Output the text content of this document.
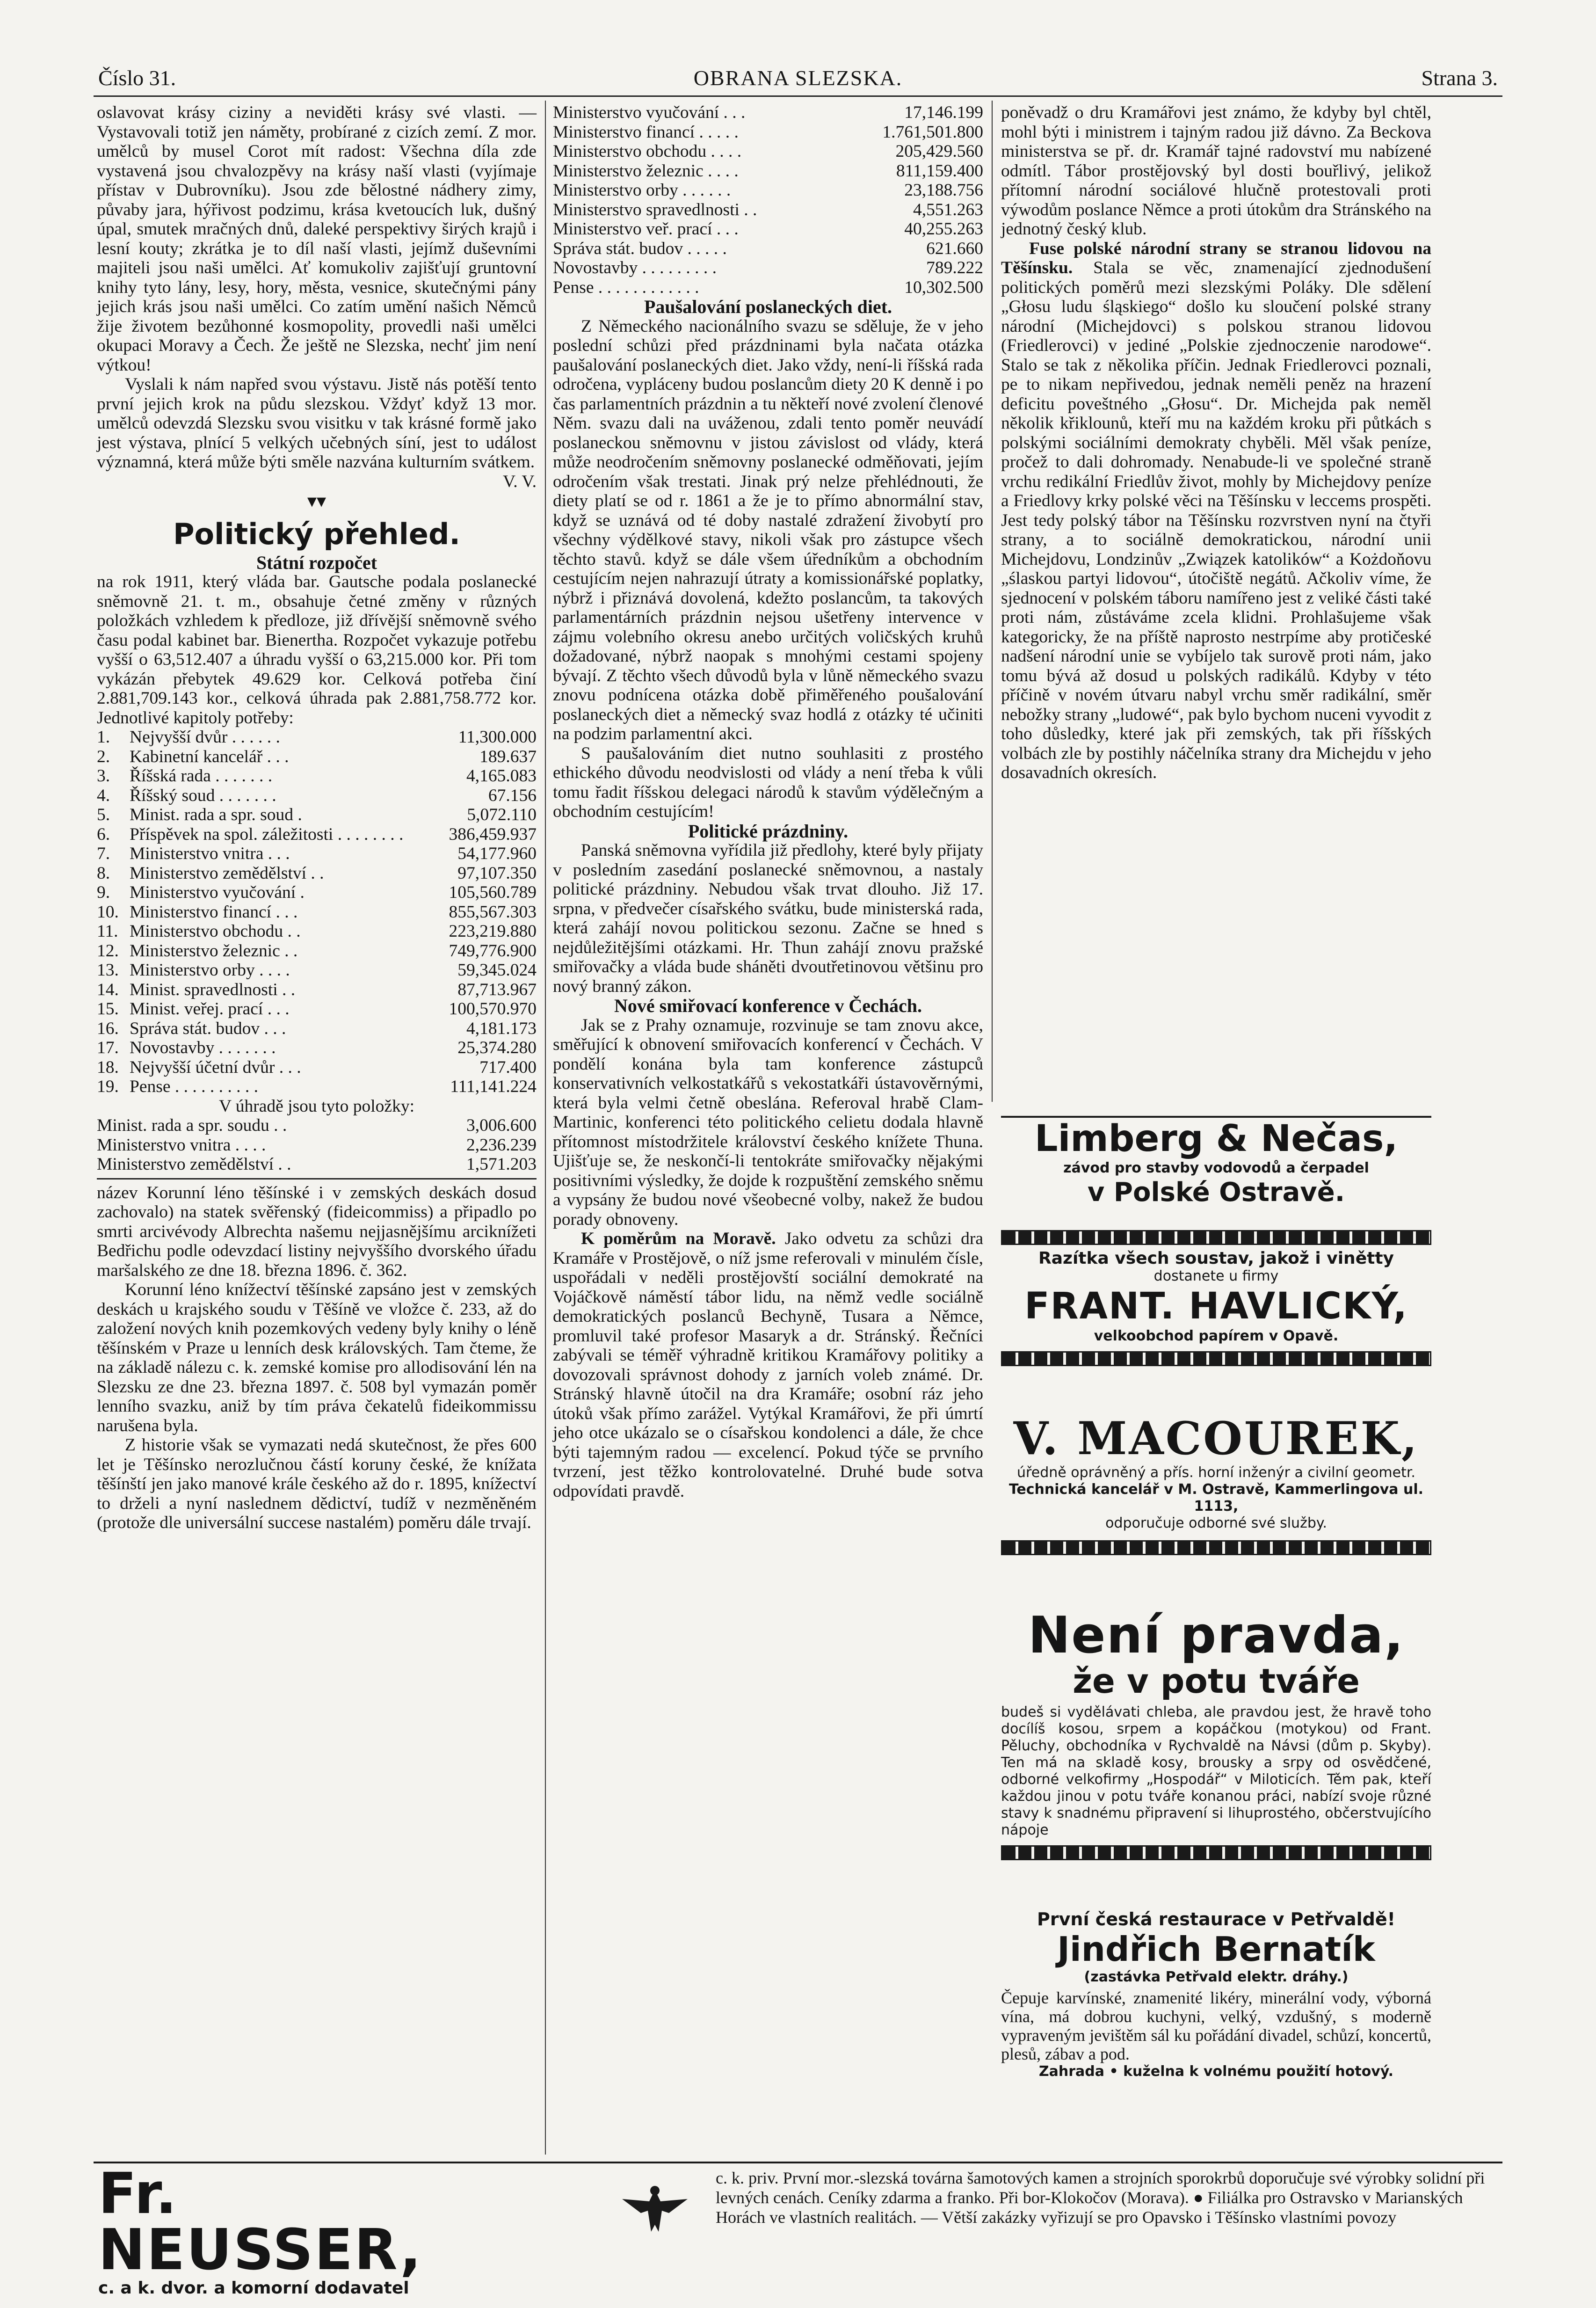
Číslo 31.	OBRANA SLEZSKA.	Strana 3.

oslavovat krásy ciziny a neviděti krásy své vlasti. — Vystavovali totiž jen náměty, probírané z cizích zemí. Z mor. umělců by musel Corot mít radost: Všechna díla zde vystavená jsou chvalozpěvy na krásy naší vlasti (vyjímaje přístav v Dubrovníku). Jsou zde bělostné nádhery zimy, půvaby jara, hýřivost podzimu, krása kvetoucích luk, dušný úpal, smutek mračných dnů, daleké perspektivy širých krajů i lesní kouty; zkrátka je to díl naší vlasti, jejímž duševními majiteli jsou naši umělci. Ať komukoliv zajišťují gruntovní knihy tyto lány, lesy, hory, města, vesnice, skutečnými pány jejich krás jsou naši umělci. Co zatím umění našich Němců žije životem bezůhonné kosmopolity, provedli naši umělci okupaci Moravy a Čech. Že ještě ne Slezska, nechť jim není výtkou!

Vyslali k nám napřed svou výstavu. Jistě nás potěší tento první jejich krok na půdu slezskou. Vždyť když 13 mor. umělců odevzdá Slezsku svou visitku v tak krásné formě jako jest výstava, plnící 5 velkých učebných síní, jest to událost významná, která může býti směle nazvána kulturním svátkem.

V. V.
▾▾
Politický přehled.
Státní rozpočet

na rok 1911, který vláda bar. Gautsche podala poslanecké sněmovně 21. t. m., obsahuje četné změny v různých položkách vzhledem k předloze, již dřívější sněmovně svého času podal kabinet bar. Bienertha. Rozpočet vykazuje potřebu vyšší o 63,512.407 a úhradu vyšší o 63,215.000 kor. Při tom vykázán přebytek 49.629 kor. Celková potřeba činí 2.881,709.143 kor., celková úhrada pak 2.881,758.772 kor. Jednotlivé kapitoly potřeby:

1.	Nejvyšší dvůr . . . . . .	11,300.000
2.	Kabinetní kancelář . . .	189.637
3.	Říšská rada . . . . . . .	4,165.083
4.	Říšský soud . . . . . . .	67.156
5.	Minist. rada a spr. soud .	5,072.110
6.	Příspěvek na spol. záležitosti . . . . . . . .	386,459.937
7.	Ministerstvo vnitra . . .	54,177.960
8.	Ministerstvo zemědělství . .	97,107.350
9.	Ministerstvo vyučování .	105,560.789
10.	Ministerstvo financí . . .	855,567.303
11.	Ministerstvo obchodu . .	223,219.880
12.	Ministerstvo železnic . .	749,776.900
13.	Ministerstvo orby . . . .	59,345.024
14.	Minist. spravedlnosti . .	87,713.967
15.	Minist. veřej. prací . . .	100,570.970
16.	Správa stát. budov . . .	4,181.173
17.	Novostavby . . . . . . .	25,374.280
18.	Nejvyšší účetní dvůr . . .	717.400
19.	Pense . . . . . . . . . .	111,141.224
V úhradě jsou tyto položky:
Minist. rada a spr. soudu . .	3,006.600
Ministerstvo vnitra . . . .	2,236.239
Ministerstvo zemědělství . .	1,571.203

název Korunní léno těšínské i v zemských deskách dosud zachovalo) na statek svěřenský (fideicommiss) a připadlo po smrti arcivévody Albrechta našemu nejjasnějšímu arciknížeti Bedřichu podle odevzdací listiny nejvyššího dvorského úřadu maršalského ze dne 18. března 1896. č. 362.

Korunní léno knížectví těšínské zapsáno jest v zemských deskách u krajského soudu v Těšíně ve vložce č. 233, až do založení nových knih pozemkových vedeny byly knihy o léně těšínském v Praze u lenních desk královských. Tam čteme, že na základě nálezu c. k. zemské komise pro allodisování lén na Slezsku ze dne 23. března 1897. č. 508 byl vymazán poměr lenního svazku, aniž by tím práva čekatelů fideikommissu narušena byla.

Z historie však se vymazati nedá skutečnost, že přes 600 let je Těšínsko nerozlučnou částí koruny české, že knížata těšínští jen jako manové krále českého až do r. 1895, knížectví to drželi a nyní naslednem dědictví, tudíž v nezměněném (protože dle universální succese nastalém) poměru dále trvají.

Ministerstvo vyučování . . .	17,146.199
Ministerstvo financí . . . . .	1.761,501.800
Ministerstvo obchodu . . . .	205,429.560
Ministerstvo železnic . . . .	811,159.400
Ministerstvo orby . . . . . .	23,188.756
Ministerstvo spravedlnosti . .	4,551.263
Ministerstvo veř. prací . . .	40,255.263
Správa stát. budov . . . . .	621.660
Novostavby . . . . . . . . .	789.222
Pense . . . . . . . . . . . .	10,302.500
Paušalování poslaneckých diet.

Z Německého nacionálního svazu se sděluje, že v jeho poslední schůzi před prázdninami byla načata otázka paušalování poslaneckých diet. Jako vždy, není-li říšská rada odročena, vypláceny budou poslancům diety 20 K denně i po čas parlamentních prázdnin a tu někteří nové zvolení členové Něm. svazu dali na uváženou, zdali tento poměr neuvádí poslaneckou sněmovnu v jistou závislost od vlády, která může neodročením sněmovny poslanecké odměňovati, jejím odročením však trestati. Jinak prý nelze přehlédnouti, že diety platí se od r. 1861 a že je to přímo abnormální stav, když se uznává od té doby nastalé zdražení živobytí pro všechny výdělkové stavy, nikoli však pro zástupce všech těchto stavů. když se dále všem úředníkům a obchodním cestujícím nejen nahrazují útraty a komissionářské poplatky, nýbrž i přiznává dovolená, kdežto poslancům, ta takových parlamentárních prázdnin nejsou ušetřeny intervence v zájmu volebního okresu anebo určitých voličských kruhů dožadované, nýbrž naopak s mnohými cestami spojeny bývají. Z těchto všech důvodů byla v lůně německého svazu znovu podnícena otázka době přiměřeného poušalování poslaneckých diet a německý svaz hodlá z otázky té učiniti na podzim parlamentní akci.

S paušalováním diet nutno souhlasiti z prostého ethického důvodu neodvislosti od vlády a není třeba k vůli tomu řadit říšskou delegaci národů k stavům výdělečným a obchodním cestujícím!

Politické prázdniny.

Panská sněmovna vyřídila již předlohy, které byly přijaty v posledním zasedání poslanecké sněmovnou, a nastaly politické prázdniny. Nebudou však trvat dlouho. Již 17. srpna, v předvečer císařského svátku, bude ministerská rada, která zahájí novou politickou sezonu. Začne se hned s nejdůležitějšími otázkami. Hr. Thun zahájí znovu pražské smiřovačky a vláda bude sháněti dvoutřetinovou většinu pro nový branný zákon.

Nové smiřovací konference v Čechách.

Jak se z Prahy oznamuje, rozvinuje se tam znovu akce, směřující k obnovení smiřovacích konferencí v Čechách. V pondělí konána byla tam konference zástupců konservativních velkostatkářů s vekostatkáři ústavověrnými, která byla velmi četně obeslána. Referoval hrabě Clam-Martinic, konferenci této politického celietu dodala hlavně přítomnost místodržitele království českého knížete Thuna. Ujišťuje se, že neskončí-li tentokráte smiřovačky nějakými positivními výsledky, že dojde k rozpuštění zemského sněmu a vypsány že budou nové všeobecné volby, nakež že budou porady obnoveny.

K poměrům na Moravě. Jako odvetu za schůzi dra Kramáře v Prostějově, o níž jsme referovali v minulém čísle, uspořádali v neděli prostějovští sociální demokraté na Vojáčkově náměstí tábor lidu, na němž vedle sociálně demokratických poslanců Bechyně, Tusara a Němce, promluvil také profesor Masaryk a dr. Stránský. Řečníci zabývali se téměř výhradně kritikou Kramářovy politiky a dovozovali správnost dohody z jarních voleb známé. Dr. Stránský hlavně útočil na dra Kramáře; osobní ráz jeho útoků však přímo zarážel. Vytýkal Kramářovi, že při úmrtí jeho otce ukázalo se o císařskou kondolenci a dále, že chce býti tajemným radou — excelencí. Pokud týče se prvního tvrzení, jest těžko kontrolovatelné. Druhé bude sotva odpovídati pravdě.

poněvadž o dru Kramářovi jest známo, že kdyby byl chtěl, mohl býti i ministrem i tajným radou již dávno. Za Beckova ministerstva se př. dr. Kramář tajné radovství mu nabízené odmítl. Tábor prostějovský byl dosti bouřlivý, jelikož přítomní národní sociálové hlučně protestovali proti výwodům poslance Němce a proti útokům dra Stránského na jednotný český klub.

Fuse polské národní strany se stranou lidovou na Těšínsku. Stala se věc, znamenající zjednodušení politických poměrů mezi slezskými Poláky. Dle sdělení „Głosu ludu śląskiego“ došlo ku sloučení polské strany národní (Michejdovci) s polskou stranou lidovou (Friedlerovci) v jediné „Polskie zjednoczenie narodowe“. Stalo se tak z několika příčin. Jednak Friedlerovci poznali, pe to nikam nepřivedou, jednak neměli peněz na hrazení deficitu poveštného „Głosu“. Dr. Michejda pak neměl několik křiklounů, kteří mu na každém kroku při půtkách s polskými sociálními demokraty chyběli. Měl však peníze, pročež to dali dohromady. Nenabude-li ve společné straně vrchu redikální Friedlův život, mohly by Michejdovy peníze a Friedlovy krky polské věci na Těšínsku v leccems prospěti. Jest tedy polský tábor na Těšínsku rozvrstven nyní na čtyři strany, a to sociálně demokratickou, národní unii Michejdovu, Londzinův „Związek katolików“ a Kożdoňovu „ślaskou partyi lidovou“, útočiště negátů. Ačkoliv víme, že sjednocení v polském táboru namířeno jest z veliké části také proti nám, zůstáváme zcela klidni. Prohlašujeme však kategoricky, že na příště naprosto nestrpíme aby protičeské nadšení národní unie se vybíjelo tak surově proti nám, jako tomu bývá až dosud u polských radikálů. Kdyby v této příčině v novém útvaru nabyl vrchu směr radikální, směr nebožky strany „ludowé“, pak bylo bychom nuceni vyvodit z toho důsledky, které jak při zemských, tak při říšských volbách zle by postihly náčelníka strany dra Michejdu v jeho dosavadních okresích.

Limberg & Nečas,
závod pro stavby vodovodů a čerpadel
v Polské Ostravě.
Razítka všech soustav, jakož i vinětty
dostanete u firmy
FRANT. HAVLICKÝ,
velkoobchod papírem v Opavě.
V. MACOUREK,
úředně oprávněný a přís. horní inženýr a civilní geometr.
Technická kancelář v M. Ostravě, Kammerlingova ul. 1113,
odporučuje odborné své služby.
Není pravda,
že v potu tváře
budeš si vydělávati chleba, ale pravdou jest, že hravě toho docílíš kosou, srpem a kopáčkou (motykou) od Frant. Pěluchy, obchodníka v Rychvaldě na Návsi (dům p. Skyby). Ten má na skladě kosy, brousky a srpy od osvědčené, odborné velkofirmy „Hospodář“ v Miloticích. Těm pak, kteří každou jinou v potu tváře konanou práci, nabízí svoje různé stavy k snadnému připravení si lihuprostého, občerstvujícího nápoje
První česká restaurace v Petřvaldě!
Jindřich Bernatík
(zastávka Petřvald elektr. dráhy.)
Čepuje karvínské, znamenité likéry, minerální vody, výborná vína, má dobrou kuchyni, velký, vzdušný, s moderně vypraveným jevištěm sál ku pořádání divadel, schůzí, koncertů, plesů, zábav a pod.
Zahrada • kuželna k volnému použití hotový.
Fr. NEUSSER,
c. a k. dvor. a komorní dodavatel
c. k. priv. První mor.-slezská továrna šamotových kamen a strojních sporokrbů doporučuje své výrobky solidní při levných cenách. Ceníky zdarma a franko. Při bor-Klokočov (Morava). ● Filiálka pro Ostravsko v Marianských Horách ve vlastních realitách. — Větší zakázky vyřizují se pro Opavsko i Těšínsko vlastními povozy
